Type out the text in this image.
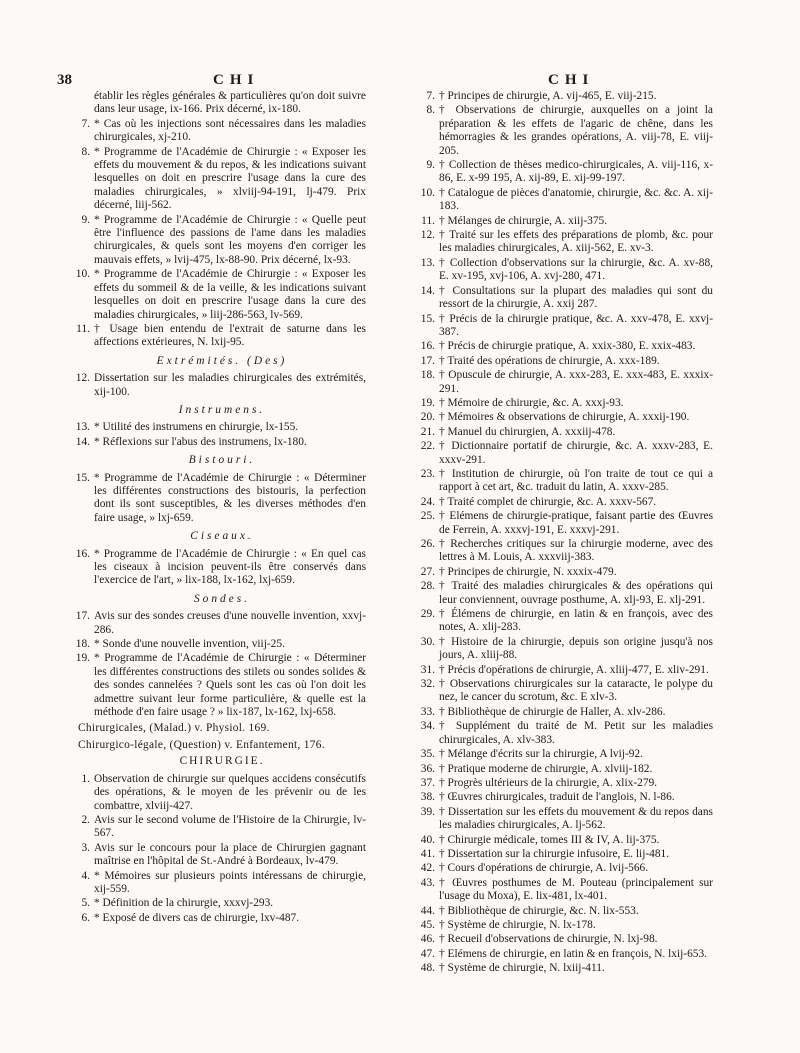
38	CHI	CHI
établir les règles générales & particulières qu'on doit suivre dans leur usage, ix-166. Prix décerné, ix-180.
7. * Cas où les injections sont nécessaires dans les maladies chirurgicales, xj-210.
8. * Programme de l'Académie de Chirurgie : « Exposer les effets du mouvement & du repos, & les indications suivant lesquelles on doit en prescrire l'usage dans la cure des maladies chirurgicales, » xlviij-94-191, lj-479. Prix décerné, liij-562.
9. * Programme de l'Académie de Chirurgie : « Quelle peut être l'influence des passions de l'ame dans les maladies chirurgicales, & quels sont les moyens d'en corriger les mauvais effets, » lvij-475, lx-88-90. Prix décerné, lx-93.
10. * Programme de l'Académie de Chirurgie : « Exposer les effets du sommeil & de la veille, & les indications suivant lesquelles on doit en prescrire l'usage dans la cure des maladies chirurgicales, » liij-286-563, lv-569.
11. † Usage bien entendu de l'extrait de saturne dans les affections extérieures, N. lxij-95.
Extrémités. (Des)
12. Dissertation sur les maladies chirurgicales des extrémités, xij-100.
Instrumens.
13. * Utilité des instrumens en chirurgie, lx-155.
14. * Réflexions sur l'abus des instrumens, lx-180.
Bistouri.
15. * Programme de l'Académie de Chirurgie : « Déterminer les différentes constructions des bistouris, la perfection dont ils sont susceptibles, & les diverses méthodes d'en faire usage, » lxj-659.
Ciseaux.
16. * Programme de l'Académie de Chirurgie : « En quel cas les ciseaux à incision peuvent-ils être conservés dans l'exercice de l'art, » lix-188, lx-162, lxj-659.
Sondes.
17. Avis sur des sondes creuses d'une nouvelle invention, xxvj-286.
18. * Sonde d'une nouvelle invention, viij-25.
19. * Programme de l'Académie de Chirurgie : « Déterminer les différentes constructions des stilets ou sondes solides & des sondes cannelées ? Quels sont les cas où l'on doit les admettre suivant leur forme particulière, & quelle est la méthode d'en faire usage ? » lix-187, lx-162, lxj-658.
Chirurgicales, (Malad.) v. Physiol. 169.
Chirurgico-légale, (Question) v. Enfantement, 176.
CHIRURGIE.
1. Observation de chirurgie sur quelques accidens consécutifs des opérations, & le moyen de les prévenir ou de les combattre, xlviij-427.
2. Avis sur le second volume de l'Histoire de la Chirurgie, lv-567.
3. Avis sur le concours pour la place de Chirurgien gagnant maîtrise en l'hôpital de St.-André à Bordeaux, lv-479.
4. * Mémoires sur plusieurs points intéressans de chirurgie, xij-559.
5. * Définition de la chirurgie, xxxvj-293.
6. * Exposé de divers cas de chirurgie, lxv-487.
7. † Principes de chirurgie, A. vij-465, E. viij-215.
8. † Observations de chirurgie, auxquelles on a joint la préparation & les effets de l'agaric de chêne, dans les hémorragies & les grandes opérations, A. viij-78, E. viij-205.
9. † Collection de thèses medico-chirurgicales, A. viij-116, x-86, E. x-99 195, A. xij-89, E. xij-99-197.
10. † Catalogue de pièces d'anatomie, chirurgie, &c. &c. A. xij-183.
11. † Mélanges de chirurgie, A. xiij-375.
12. † Traité sur les effets des préparations de plomb, &c. pour les maladies chirurgicales, A. xiij-562, E. xv-3.
13. † Collection d'observations sur la chirurgie, &c. A. xv-88, E. xv-195, xvj-106, A. xvj-280, 471.
14. † Consultations sur la plupart des maladies qui sont du ressort de la chirurgie, A. xxij 287.
15. † Précis de la chirurgie pratique, &c. A. xxv-478, E. xxvj-387.
16. † Précis de chirurgie pratique, A. xxix-380, E. xxix-483.
17. † Traité des opérations de chirurgie, A. xxx-189.
18. † Opuscule de chirurgie, A. xxx-283, E. xxx-483, E. xxxix-291.
19. † Mémoire de chirurgie, &c. A. xxxj-93.
20. † Mémoires & observations de chirurgie, A. xxxij-190.
21. † Manuel du chirurgien, A. xxxiij-478.
22. † Dictionnaire portatif de chirurgie, &c. A. xxxv-283, E. xxxv-291.
23. † Institution de chirurgie, où l'on traite de tout ce qui a rapport à cet art, &c. traduit du latin, A. xxxv-285.
24. † Traité complet de chirurgie, &c. A. xxxv-567.
25. † Elémens de chirurgie-pratique, faisant partie des Œuvres de Ferrein, A. xxxvj-191, E. xxxvj-291.
26. † Recherches critiques sur la chirurgie moderne, avec des lettres à M. Louis, A. xxxviij-383.
27. † Principes de chirurgie, N. xxxix-479.
28. † Traité des maladies chirurgicales & des opérations qui leur conviennent, ouvrage posthume, A. xlj-93, E. xlj-291.
29. † Élémens de chirurgie, en latin & en françois, avec des notes, A. xlij-283.
30. † Histoire de la chirurgie, depuis son origine jusqu'à nos jours, A. xliij-88.
31. † Précis d'opérations de chirurgie, A. xliij-477, E. xliv-291.
32. † Observations chirurgicales sur la cataracte, le polype du nez, le cancer du scrotum, &c. E xlv-3.
33. † Bibliothèque de chirurgie de Haller, A. xlv-286.
34. † Supplément du traité de M. Petit sur les maladies chirurgicales, A. xlv-383.
35. † Mélange d'écrits sur la chirurgie, A lvij-92.
36. † Pratique moderne de chirurgie, A. xlviij-182.
37. † Progrès ultérieurs de la chirurgie, A. xlix-279.
38. † Œuvres chirurgicales, traduit de l'anglois, N. l-86.
39. † Dissertation sur les effets du mouvement & du repos dans les maladies chirurgicales, A. lj-562.
40. † Chirurgie médicale, tomes III & IV, A. lij-375.
41. † Dissertation sur la chirurgie infusoire, E. lij-481.
42. † Cours d'opérations de chirurgie, A. lvij-566.
43. † Œuvres posthumes de M. Pouteau (principalement sur l'usage du Moxa), E. lix-481, lx-401.
44. † Bibliothèque de chirurgie, &c. N. lix-553.
45. † Système de chirurgie, N. lx-178.
46. † Recueil d'observations de chirurgie, N. lxj-98.
47. † Elémens de chirurgie, en latin & en françois, N. lxij-653.
48. † Système de chirurgie, N. lxiij-411.
